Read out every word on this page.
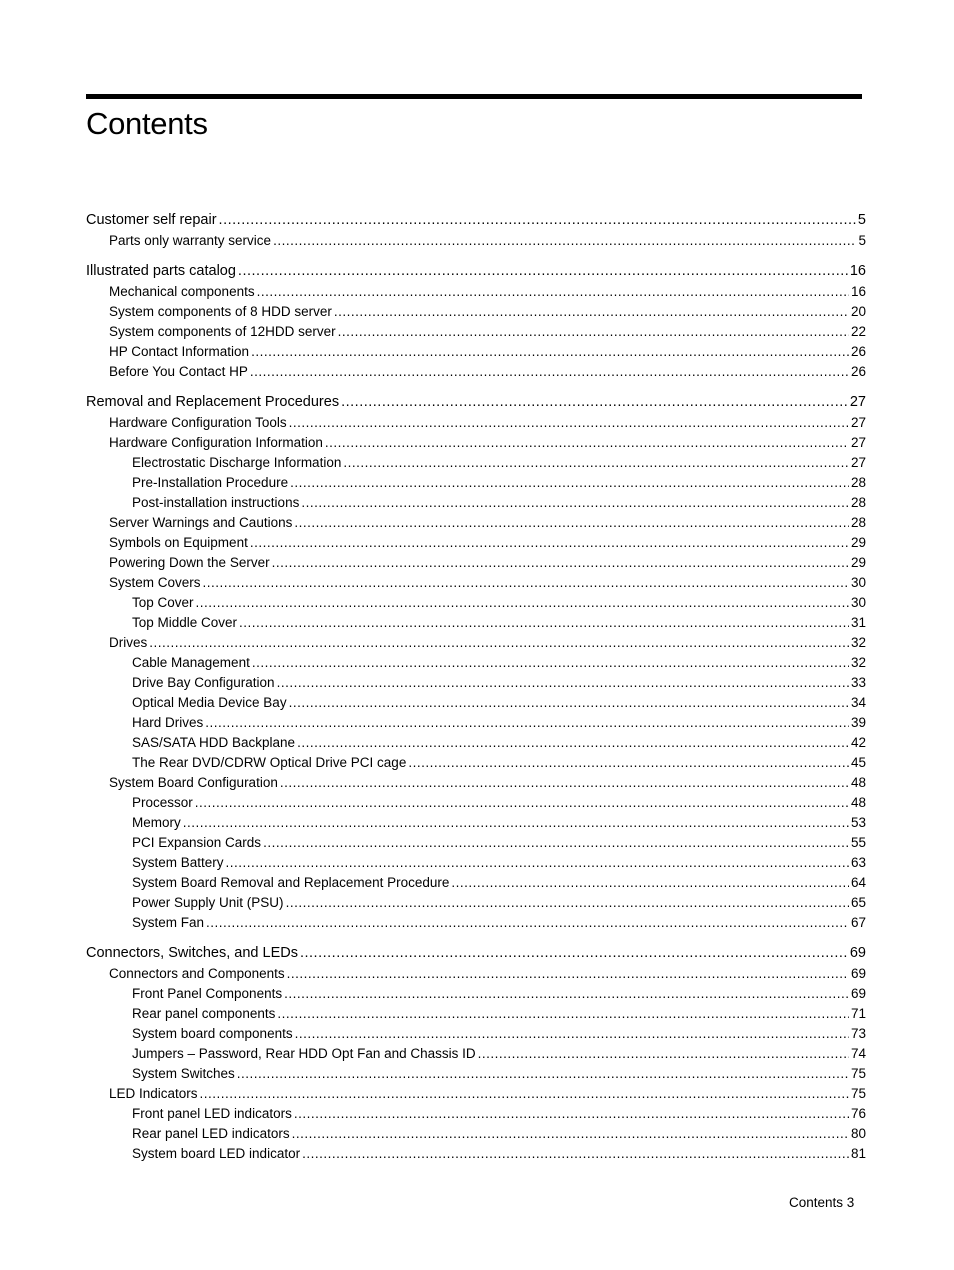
Contents
Customer self repair .....	5
Parts only warranty service .....	5
Illustrated parts catalog .....	16
Mechanical components .....	16
System components of 8 HDD server .....	20
System components of 12HDD server .....	22
HP Contact Information .....	26
Before You Contact HP .....	26
Removal and Replacement Procedures .....	27
Hardware Configuration Tools .....	27
Hardware Configuration Information .....	27
Electrostatic Discharge Information .....	27
Pre-Installation Procedure .....	28
Post-installation instructions .....	28
Server Warnings and Cautions .....	28
Symbols on Equipment .....	29
Powering Down the Server .....	29
System Covers .....	30
Top Cover .....	30
Top Middle Cover .....	31
Drives .....	32
Cable Management .....	32
Drive Bay Configuration .....	33
Optical Media Device Bay .....	34
Hard Drives .....	39
SAS/SATA HDD Backplane .....	42
The Rear DVD/CDRW Optical Drive PCI cage .....	45
System Board Configuration .....	48
Processor .....	48
Memory .....	53
PCI Expansion Cards .....	55
System Battery .....	63
System Board Removal and Replacement Procedure .....	64
Power Supply Unit (PSU) .....	65
System Fan .....	67
Connectors, Switches, and LEDs .....	69
Connectors and Components .....	69
Front Panel Components .....	69
Rear panel components .....	71
System board components .....	73
Jumpers – Password, Rear HDD Opt Fan and Chassis ID .....	74
System Switches .....	75
LED Indicators .....	75
Front panel LED indicators .....	76
Rear panel LED indicators .....	80
System board LED indicator .....	81
Contents 3
